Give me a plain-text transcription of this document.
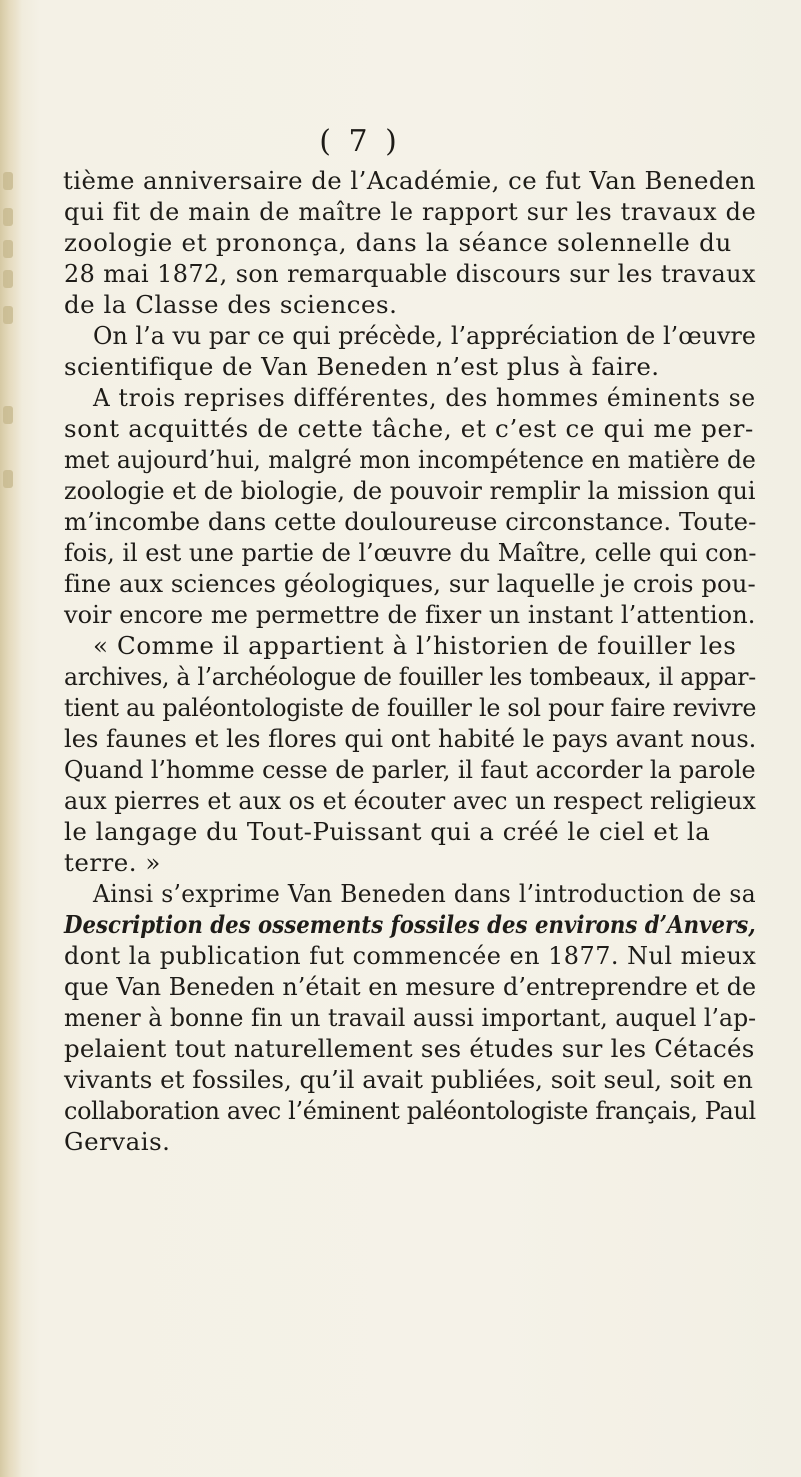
( 7 )
tième anniversaire de l’Académie, ce fut Van Beneden
qui fit de main de maître le rapport sur les travaux de
zoologie et prononça, dans la séance solennelle du
28 mai 1872, son remarquable discours sur les travaux
de la Classe des sciences.
On l’a vu par ce qui précède, l’appréciation de l’œuvre
scientifique de Van Beneden n’est plus à faire.
A trois reprises différentes, des hommes éminents se
sont acquittés de cette tâche, et c’est ce qui me per-
met aujourd’hui, malgré mon incompétence en matière de
zoologie et de biologie, de pouvoir remplir la mission qui
m’incombe dans cette douloureuse circonstance. Toute-
fois, il est une partie de l’œuvre du Maître, celle qui con-
fine aux sciences géologiques, sur laquelle je crois pou-
voir encore me permettre de fixer un instant l’attention.
« Comme il appartient à l’historien de fouiller les
archives, à l’archéologue de fouiller les tombeaux, il appar-
tient au paléontologiste de fouiller le sol pour faire revivre
les faunes et les flores qui ont habité le pays avant nous.
Quand l’homme cesse de parler, il faut accorder la parole
aux pierres et aux os et écouter avec un respect religieux
le langage du Tout-Puissant qui a créé le ciel et la
terre. »
Ainsi s’exprime Van Beneden dans l’introduction de sa
Description des ossements fossiles des environs d’Anvers,
dont la publication fut commencée en 1877. Nul mieux
que Van Beneden n’était en mesure d’entreprendre et de
mener à bonne fin un travail aussi important, auquel l’ap-
pelaient tout naturellement ses études sur les Cétacés
vivants et fossiles, qu’il avait publiées, soit seul, soit en
collaboration avec l’éminent paléontologiste français, Paul
Gervais.
